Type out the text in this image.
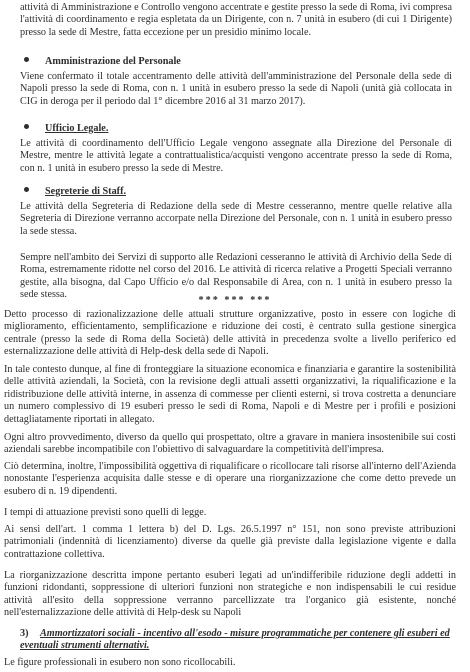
attività di Amministrazione e Controllo vengono accentrate e gestite presso la sede di Roma, ivi compresa l'attività di coordinamento e regia espletata da un Dirigente, con n. 7 unità in esubero (di cui 1 Dirigente) presso la sede di Mestre, fatta eccezione per un presidio minimo locale.
Amministrazione del Personale
Viene confermato il totale accentramento delle attività dell'amministrazione del Personale della sede di Napoli presso la sede di Roma, con n. 1 unità in esubero presso la sede di Napoli (unità già collocata in CIG in deroga per il periodo dal 1° dicembre 2016 al 31 marzo 2017).
Ufficio Legale.
Le attività di coordinamento dell'Ufficio Legale vengono assegnate alla Direzione del Personale di Mestre, mentre le attività legate a contrattualistica/acquisti vengono accentrate presso la sede di Roma, con n. 1 unità in esubero presso la sede di Mestre.
Segreterie di Staff.
Le attività della Segreteria di Redazione della sede di Mestre cesseranno, mentre quelle relative alla Segreteria di Direzione verranno accorpate nella Direzione del Personale, con n. 1 unità in esubero presso la sede stessa.
Sempre nell'ambito dei Servizi di supporto alle Redazioni cesseranno le attività di Archivio della Sede di Roma, estremamente ridotte nel corso del 2016. Le attività di ricerca relative a Progetti Speciali verranno gestite, alla bisogna, dal Capo Ufficio e/o dal Responsabile di Area, con n. 1 unità in esubero presso la sede stessa.
*** *** ***
Detto processo di razionalizzazione delle attuali strutture organizzative, posto in essere con logiche di miglioramento, efficientamento, semplificazione e riduzione dei costi, è centrato sulla gestione sinergica centrale (presso la sede di Roma della Società) delle attività in precedenza svolte a livello periferico ed esternalizzazione delle attività di Help-desk della sede di Napoli.
In tale contesto dunque, al fine di fronteggiare la situazione economica e finanziaria e garantire la sostenibilità delle attività aziendali, la Società, con la revisione degli attuali assetti organizzativi, la riqualificazione e la ridistribuzione delle attività interne, in assenza di commesse per clienti esterni, si trova costretta a denunciare un numero complessivo di 19 esuberi presso le sedi di Roma, Napoli e di Mestre per i profili e posizioni dettagliatamente riportati in allegato.
Ogni altro provvedimento, diverso da quello qui prospettato, oltre a gravare in maniera insostenibile sui costi aziendali sarebbe incompatibile con l'obiettivo di salvaguardare la competitività dell'impresa.
Ciò determina, inoltre, l'impossibilità oggettiva di riqualificare o ricollocare tali risorse all'interno dell'Azienda nonostante l'esperienza acquisita dalle stesse e di operare una riorganizzazione che come detto prevede un esubero di n. 19 dipendenti.
I tempi di attuazione previsti sono quelli di legge.
Ai sensi dell'art. 1 comma 1 lettera b) del D. Lgs. 26.5.1997 n° 151, non sono previste attribuzioni patrimoniali (indennità di licenziamento) diverse da quelle già previste dalla legislazione vigente e dalla contrattazione collettiva.
La riorganizzazione descritta impone pertanto esuberi legati ad un'indifferibile riduzione degli addetti in funzioni ridondanti, soppressione di ulteriori funzioni non strategiche e non indispensabili le cui residue attività all'esito della soppressione verranno parcellizzate tra l'organico già esistente, nonché nell'esternalizzazione delle attività di Help-desk su Napoli
3) Ammortizzatori sociali - incentivo all'esodo - misure programmatiche per contenere gli esuberi ed eventuali strumenti alternativi.
Le figure professionali in esubero non sono ricollocabili.
